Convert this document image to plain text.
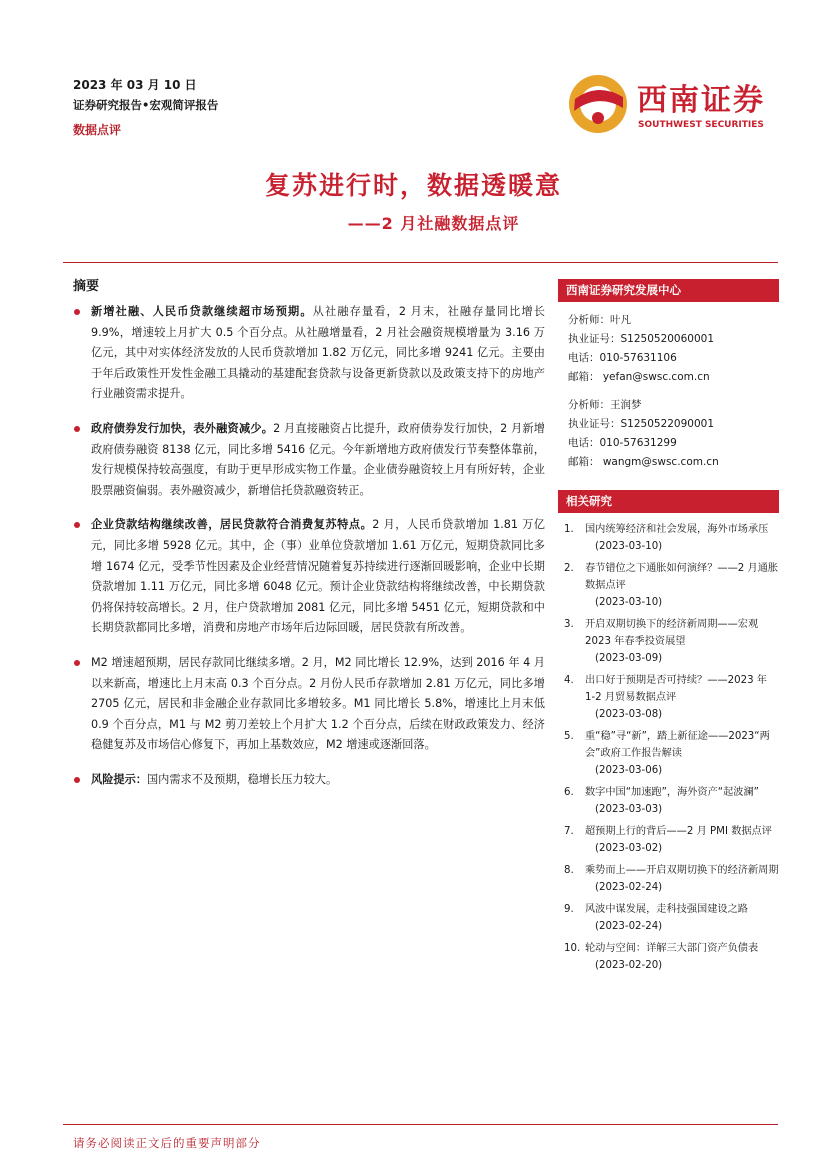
2023 年 03 月 10 日
证券研究报告•宏观简评报告
数据点评
西南证券
SOUTHWEST SECURITIES
复苏进行时，数据透暖意
——2 月社融数据点评
摘要
新增社融、人民币贷款继续超市场预期。从社融存量看，2 月末，社融存量同比增长 9.9%，增速较上月扩大 0.5 个百分点。从社融增量看，2 月社会融资规模增量为 3.16 万亿元，其中对实体经济发放的人民币贷款增加 1.82 万亿元，同比多增 9241 亿元。主要由于年后政策性开发性金融工具撬动的基建配套贷款与设备更新贷款以及政策支持下的房地产行业融资需求提升。
政府债券发行加快，表外融资减少。2 月直接融资占比提升，政府债券发行加快，2 月新增政府债券融资 8138 亿元，同比多增 5416 亿元。今年新增地方政府债发行节奏整体靠前，发行规模保持较高强度，有助于更早形成实物工作量。企业债券融资较上月有所好转，企业股票融资偏弱。表外融资减少，新增信托贷款融资转正。
企业贷款结构继续改善，居民贷款符合消费复苏特点。2 月，人民币贷款增加 1.81 万亿元，同比多增 5928 亿元。其中，企（事）业单位贷款增加 1.61 万亿元，短期贷款同比多增 1674 亿元，受季节性因素及企业经营情况随着复苏持续进行逐渐回暖影响，企业中长期贷款增加 1.11 万亿元，同比多增 6048 亿元。预计企业贷款结构将继续改善，中长期贷款仍将保持较高增长。2 月，住户贷款增加 2081 亿元，同比多增 5451 亿元，短期贷款和中长期贷款都同比多增，消费和房地产市场年后边际回暖，居民贷款有所改善。
M2 增速超预期，居民存款同比继续多增。2 月，M2 同比增长 12.9%，达到 2016 年 4 月以来新高，增速比上月末高 0.3 个百分点。2 月份人民币存款增加 2.81 万亿元，同比多增 2705 亿元，居民和非金融企业存款同比多增较多。M1 同比增长 5.8%，增速比上月末低 0.9 个百分点，M1 与 M2 剪刀差较上个月扩大 1.2 个百分点，后续在财政政策发力、经济稳健复苏及市场信心修复下，再加上基数效应，M2 增速或逐渐回落。
风险提示：国内需求不及预期，稳增长压力较大。
西南证券研究发展中心
分析师：叶凡
执业证号：S1250520060001
电话：010-57631106
邮箱： yefan@swsc.com.cn
分析师：王润梦
执业证号：S1250522090001
电话：010-57631299
邮箱： wangm@swsc.com.cn
相关研究
1. 国内统筹经济和社会发展，海外市场承压
(2023-03-10)
2. 春节错位之下通胀如何演绎？——2 月通胀数据点评
(2023-03-10)
3. 开启双期切换下的经济新周期——宏观 2023 年春季投资展望
(2023-03-09)
4. 出口好于预期是否可持续？——2023 年 1-2 月贸易数据点评
(2023-03-08)
5. 重“稳”寻“新”，踏上新征途——2023“两会”政府工作报告解读
(2023-03-06)
6. 数字中国“加速跑”，海外资产“起波澜”
(2023-03-03)
7. 超预期上行的背后——2 月 PMI 数据点评
(2023-03-02)
8. 乘势而上——开启双期切换下的经济新周期
(2023-02-24)
9. 风波中谋发展，走科技强国建设之路
(2023-02-24)
10. 轮动与空间：详解三大部门资产负债表
(2023-02-20)
请务必阅读正文后的重要声明部分
